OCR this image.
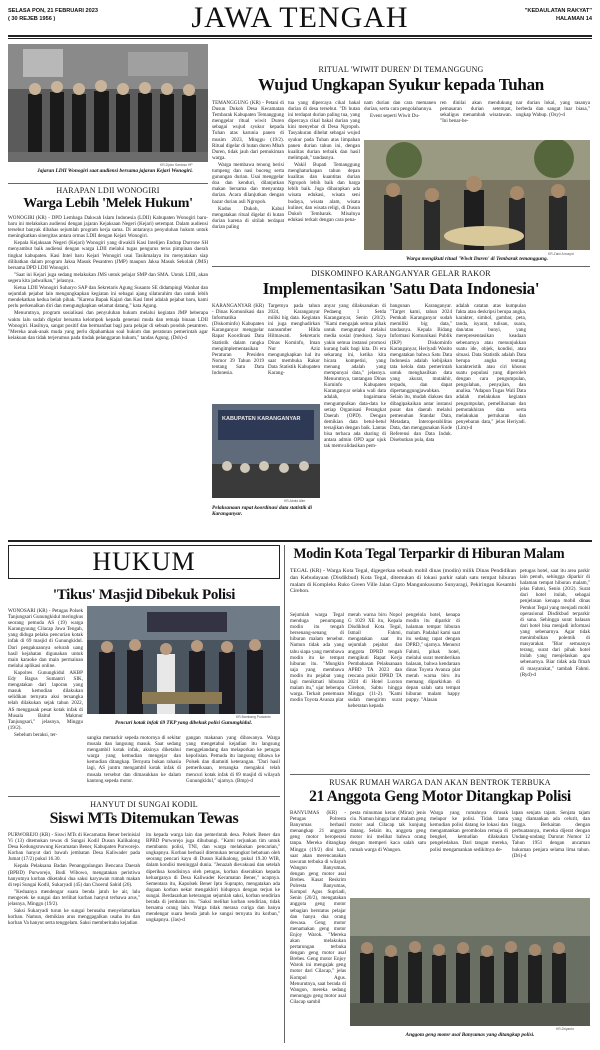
SELASA PON, 21 FEBRUARI 2023
( 30 REJEB 1956 )	JAWA TENGAH	"KEDAULATAN RAKYAT"
HALAMAN 14
KR-Djoko Santoso HP
Jajaran LDII Wonogiri saat audiensi bersama jajaran Kejari Wonogiri.
RITUAL 'WIWIT DUREN' DI TEMANGGUNG
Wujud Ungkapan Syukur kepada Tuhan

TEMANGGUNG (KR) - Petani di Dusun Dukoh Desa Kecamatan Tembarak Kabupaten Temanggung menggelar ritual wiwit Duren sebagai wujud syukur kepada Tuhan atas karunia panen di musim 2023, Minggu (19/2). Ritual digelar di hutan duren Mbah Duren, tidak jauh dari pemukiman warga.

Warga membawa tenong berisi tumpeng dan nasi buceng serta gunungan durian. Usai menggelar doa dan kenduri, dilanjutkan makan bersama dan menyantap durian. Acara dilanjutkan dengan bazar durian asli Ngropoh.

Kadus Dukoh, Kabul mengatakan ritual digelar di hutan durian karena di sitilah terdapat durian paling

tua yang dipercaya cikal bakal durian di desa tersebut. "Di hutan ini terdapat durian paling tua, yang dipercaya cikal bakal durian yang kini menyebar di Desa Ngropoh. Tasyakuran dihelat sebagai wujud syukur pada Tuhan atas limpahan panen durian tahun ini, dengan kualitas durian terbaik dan hasil melimpah," tandasnya.

Wakil Bupati Temanggung menghaturkapan tahun depan kualitas dan kuantitas durian Ngropoh lebih baik dan harga lebih baik. Juga diharapkan ada wisata edukasi, wisata seni budaya, wisata alam, wisata kuliner, dan wisata religi, di Dusun Dukoh Tembarak. Misalnya edukasi terkait dengan cara pena-

nam durian dan cara memanen durian, serta cara pengolahannya.

Event seperti Wiwit Du-

ren dinilai akan mendukung pemasaran durian setempat, sekaligus menambah wisatawan. "Ini benar-be-

nar durian lokal, yang rasanya berbeda dan sangat luar biasa," ungkap Wabup. (Osy)-d

KR-Zaini Arrosyid
Warga mengikuti ritual 'Wiwit Duren' di Tembarak temanggung.
HARAPAN LDII WONOGIRI
Warga Lebih 'Melek Hukum'

WONOGIRI (KR) - DPD Lembaga Dakwah Islam Indonesia (LDII) Kabupaten Wonogiri baru-baru ini melakukan audiensi dengan jajaran Kejaksaan Negeri (Kejari) setempat. Dalam audiensi tersebut banyak dibahas sejumlah program kerja sama. Di antaranya penyuluhan hukum untuk meningkatkan sinergitas antara ormas LDII dengan Kejari Wonogiri.

Kepala Kejaksaan Negeri (Kejari) Wonogiri yang diwakili Kasi Intelijen Endrap Durrone SH menyambut baik audiensi dengan warga LDII melalui tugas pengurus terus pimpinan daerah tingkat kabupaten. Kasi Intel baru Kejari Wonogiri usai Tasikmalaya itu menyatakan siap dilibatkan dalam program Jaksa Masuk Pesantren (JMP) maupun Jaksa Masuk Sekolah (JMS) bersama DPD LDII Wonogiri.

"Saat ini Kejari juga sedang melakukan JMS untuk pelajar SMP dan SMA. Untuk LDII, akan segera kita jadwalkan," jelasnya.

Ketua LDII Wonogiri Suharyo SAP dan Sekretaris Agung Susanto SE didampingi Wanhat dan sejumlah pejabat lain mengungkapkan kegiatan ini sebagai ajang silaturahim dan untuk lebih mendekatkan kedua belah pihak. "Karena Bapak Kajari dan Kasi Intel adalah pejabat baru, kami perlu perkenalkan diri dan mengungkapkan selamat datang," kata Agung.

Menurutnya, program sosialisasi dan penyuluhan hukum melalui kegiatan JMP beberapa waktu lalu sudah digelar bersama kelompok kepada generasi muda dan remaja binaan LDII Wonogiri. Hasilnya, sangat positif dan bermanfaat bagi para pelajar di sebuah pondok pesantren. "Mereka anak-anak muda yang perlu dipahamkan soal hukum dan peraturan pemerintah agar kelakuan dan tidak terjerumus pada tindak pelanggaran hukum," tandas Agung. (Dsh)-d

DISKOMINFO KARANGANYAR GELAR RAKOR
Implementasikan 'Satu Data Indonesia'
KARANGANYAR (KR) - Dinas Komunikasi dan Informatika (Diskominfo) Kabupaten Karanganyar menggelar Rapat Koordinasi Data Statistik dalam rangka mengimplementasikan Peraturan Presiden Nomor 39 Tahun 2019 tentang Satu Data Indonesia.
Targetnya pada tahun 2024, Karanganyar miliki big data. Kegiatan ini juga menghadirkan narasumber Hilda Hilmawati. Sekretaris Dinas Kominfo, Iman Nur Aziz mengungkapkan hal itu saat membuka Rakor Data Statistik Kabupaten Karang-
anyar yang dilaksanakan di Pedaeng 1 Setda Karanganyar, Senin (20/2). "Kami mengajak semua pihak untuk mengumpul melalui media sosial (medsos). Saya yakin semua instansi promosi kurang baik bagi kita. Di era sekarang ini, ketika kita bicara kompetisi, yang menang adalah yang mempunyai data," jelasnya. Menurutnya, tantangan Dinas Kominfo Kabupaten Karanganyar selaku wali data adalah, bagaimana mengumpulkan data-data ke setiap Organisasi Perangkat Daerah (OPD). Dengan demikian data betul-betul tersajikan dengan baik. Lantas bisa terbaca ada sharing di antara admin OPD agar ujuk tak memvalidasikan pem-
bangunan Karanganyar. "Target kami, tahun 2024 Pemkab Karanganyar sudah memiliki big data," tandasnya. Kepala Bidang Informasi Komunikasi Publik (IKP) Diskominfo Karanganyar, Heriyadi Wasito mengatakan bahwa Satu Data Indonesia adalah kebijakan tata kelola data pemerintah untuk menghasilkan data yang akurat, mutakhir, terpadu, dan dapat dipertanggungjawabkan. Selain itu, mudah diakses dan dibagipakaikan antar instansi pusat dan daerah melalui pemenuhan Standar Data, Metadata, Interoperabilitas Data, dan menggunakan Kode Referensi dan Data Induk. Disebutkan pula, data
adalah catatan atas kumpulan fakta atau deskripsi berupa angka, karakter, simbol, gambar, peta, tanda, isyarat, tulisan, suara, dan/atau bunyi, yang merepresentasikan keadaan sebenarnya atau menunjukkan suatu ide, objek, kondisi, atau situasi. Data Statistik adalah Data berupa angka tentang karakteristik atau ciri khusus suatu populasi yang diperoleh dengan cara pengumpulan, pengolahan, penyajian, dan analisa. "Adapun Tugas Wali Data adalah melakukan kegiatan pengumpulan, pemeliharaan dan pemutakhiran data serta melakukan pertukaran dan penyebaran data," jelas Heriyadi. (Lim)-d
KABUPATEN KARANGANYAR
KR-Abdul Alim
Pelaksanaan rapat koordinasi data statistik di Karanganyar.
HUKUM
'Tikus' Masjid Dibekuk Polisi

WONOSARI (KR) - Petugas Polsek Tanjungsari Gunungkidul meringkus seorang pemuda AS (19) warga Karangyuung Cilacap Jawa Tengah, yang diduga pelaku pencurian kotak infak di 69 masjid di Gunungkidul. Dari pengakuannya selurah uang hasil kejahatan digunakan untuk main karaoke dan main permainan melalui aplikasi online.

Kapolres Gunungkidul AKBP Edy Bagus Sumantri SIK, mengatakan dari laporan yang masuk kemudian dilakukan selidikan ternyata aksi tersangka telah dilakukan sejak tahun 2022, AS menggasak pesat kotak infak di Musala Baitul Makmur Tanjungsari," jelasnya, Minggu (19/2).

Sebelum beraksi, ter-

KR-Bambang Purwanto
Pencuri kotak infak 69 TKP yang dibekuk polisi Gunungkidul.
sangka memarkir sepeda motornya di sekitar musala dan langsung masuk. Saat sedang mengambil kotak infak, aksinya diketahui warga yang kemudian mengejar dan kemudian ditangkap. Ternyata bukan rahasia lagi, AS juntru mengambil kotak infak di musala tersebut dan dimasukkan ke dalam kantong sepeda motor.
gangan makanan yang dibawanya. Warga yang mengetahui kejadian itu langsung menggelandang dan melaporkan ke petugas kepolisian. Pemuda itu langsung dibawa ke Polsek dan diamniti keterangan. "Dari hasil pemeriksaan, tersangka mengakui telah mencuri kotak infak di 69 masjid di wilayah Gunungkidul," ujarnya. (Bmp)-d
HANYUT DI SUNGAI KODIL
Siswi MTs Ditemukan Tewas

PURWOREJO (KR) - Siswi MTs di Kecamatan Bener berinisial Vi (13) ditemukan tewas di Sungai Kodil Dusun Kalikalong Desa Kedungsruwung Kecamatan Bener, Kabupaten Purworejo. Korban hanyut dari bawah jembatan Desa Kaliwader pada Jumat (17/2) pukul 16.30.

Kepala Pelaksana Badan Penanggulangan Bencana Daerah (BPBD) Purworejo, Budi Wibowo, mengatakan peristiwa hanyutnya korban diketahui dua saksi karyawan rumah makan di tepi Sungai Kodil, Sukaryadi (45) dan Choerul Sahid (26).

"Keduanya mendengar suara benda jatuh ke air, lalu mengecek ke sungai dan terlihat korban hanyut terbawa arus," jelasnya, Minggu (19/2).

Saksi Sukaryadi turun ke sungai berusaha menyelamatkan korban. Namun, demikian arus menggagalkan usaha itu dan korban Va hanyut serta tenggelam. Saksi memberitahu kejadian

itu kepada warga lain dan pemerintah desa. Polsek Bener dan BPBD Purworejo juga dihubungi. "Kami terjunkan tim untuk membantu polisi, TNI, dan warga melakukan pencarian," ungkapnya. Korban berhasil ditemukan tersangkut bebatuan oleh seorang pencari kayu di Dusun Kalikalong, pukul 19.30 WIB, dalam kondisi meninggal dunia. "Jenazah dievakuasi dan setelah diperiksa kondisinya oleh petugas, korban diserahkan kepada keluarganya di Desa Kaliwader Kecamatan Bener," ucapnya. Sementara itu, Kapolsek Bener Iptu Suprapto, mengatakan ada dugaan korban nekat mengakhiri hidupnya dengan terjun ke sungai. Berdasarkan keterangan sejumlah saksi, korban sendirian berada di jembatan itu. "Saksi melihat korban sendirian, tidak bersama orang lain. Warga tidak merasa curiga dan hanya mendengar suara benda jatuh ke sungai ternyata itu korban," ungkapnya. (Jas)-d
Modin Kota Tegal Terparkir di Hiburan Malam
TEGAL (KR) - Warga Kota Tegal, digegerkan sebuah mobil dinas (modin) milik Dinas Pendidikan dan Kebudayaan (Disdikbud) Kota Tegal, ditemukan di lokasi parkir salah satu tempat hiburan malam di Kompleks Ruko Green Ville Jalan Cipto Mangunkusumo Sunyaragi, Pekiringan Kesambi Cirebon.
Sejumlah warga Tegal menduga penumpang modin itu tengah bersenang-senang di hiburan malam tersebut. Namun tidak ada yang tahu siapa yang membawa modin itu ke tempat hiburan itu. "Mungkin saja yang membawa modin itu pejabat yang lagi menikmati hiburan malam itu," ujar beberapa warga. Terkait penemuan modin Toyota Avanza plat
merah warna biru Nopol G 1029 XE itu, Kepala Disdikbud Kota Tegal, Ismail Fahmi, mengatakan saat itu sejumlah pejabat dan anggota DPRD tengah mengikuti Rapat Kerja Pembahasan Pelaksanaan APBD TA 2023 dan rencana pokir DPRD TA 2024 di Hotel Luxton Cirebon, Sabtu hingga Minggu (11-2). "Kami sudah mengirim surat keberatan kepada
pengelola hotel, kenapa modin itu diparkir di halaman tempat hiburan malam. Padahal kami saat itu sedang rapat dengan DPRD," ujarnya. Menurut Fahmi, pihak hotel, melalui surat memberikan balasan, bahwa kendaraan dinas Toyota Avanza plat merah warna biru itu memang diparkirkan di depan salah satu tempat hiburan malam happy puppy. "Alasan
petugas hotel, saat itu area parkir lain penuh, sehingga diparkir di halaman tempat hiburan malam," jelas Fahmi, Senin (20/2). Surat dari hotel itulah, sebagai penjelasan kenapa mobil dinas Pemkot Tegal yang menjadi mobil operasional Disdikbud terparkir di sana. Sehingga surat balasan dari hotel bisa menjadi informasi yang sebenarnya. Agar tidak menimbulkan polemik di masyarakat. "Biar semuanya terang, surat dari pihak hotel itulah yang menjelaskan apa sebenarnya. Biar tidak ada fitnah di masyarakat," tambah Fahmi. (Ryd)-d
RUSAK RUMAH WARGA DAN AKAN BENTROK TERBUKA
21 Anggota Geng Motor Ditangkap Polisi
BANYUMAS (KR) - Petugas Polresta Banyumas berhasil menangkap 21 anggota geng motor beroperasi tanpa. Mereka ditangkap Minggu (19/2) dini hari, saat akan merencanakan tawuran terbuka di wilayah Wangon Banyumas, dengan geng motor asal Brebes. Kasat Reskrim Polresta Banyumas, Kompol Agus Supriadi, Senin (20/2), mengatakan anggota geng motor sebagian berstatus pelajar dan hanya dua orang dewasa. Geng motor menamakan geng motor Enjoy Warok. "Mereka akan melakukan pertarungan terbuka dengan geng motor asal Brebes. Geng motor Enjoy Warok ini mengajak geng motor dari Cilacap," jelas Kompol Agus. Menurutnya, saat berada di Wangon, mereka sedang menunggu geng motor asal Cilacap sambil
pesta minuman keras (Miras) jenis ciu. Namun hingga larut malam geng motor asal Cilacap tak kunjung datang. Selain itu, anggota geng motor ini melihat bahwa orang dengan memperi kaca salah satu rumah warga di Wangon.
Warga yang rumahnya dirusak melapor ke polisi. Tidak lama kemudian polisi datang ke lokasi dan mengamankan gerombolan remaja di bengkel, kemudian dilakukan pengeledahan. Dari tangan mereka, polisi mengamankan sedikitnya de-
lapan senjata tajam. Senjata tajam yang diamankan ada celurit, dan lingga. Berkaitan dengan perbuatannya, mereka dijerat dengan Undang-undang Darurat Nomor 12 Tahun 1951 dengan ancaman hukuman penjara selama lima tahun.(Dri)-d
KR-Driyanto
Anggota geng motor asal Banyumas yang ditangkap polisi.
